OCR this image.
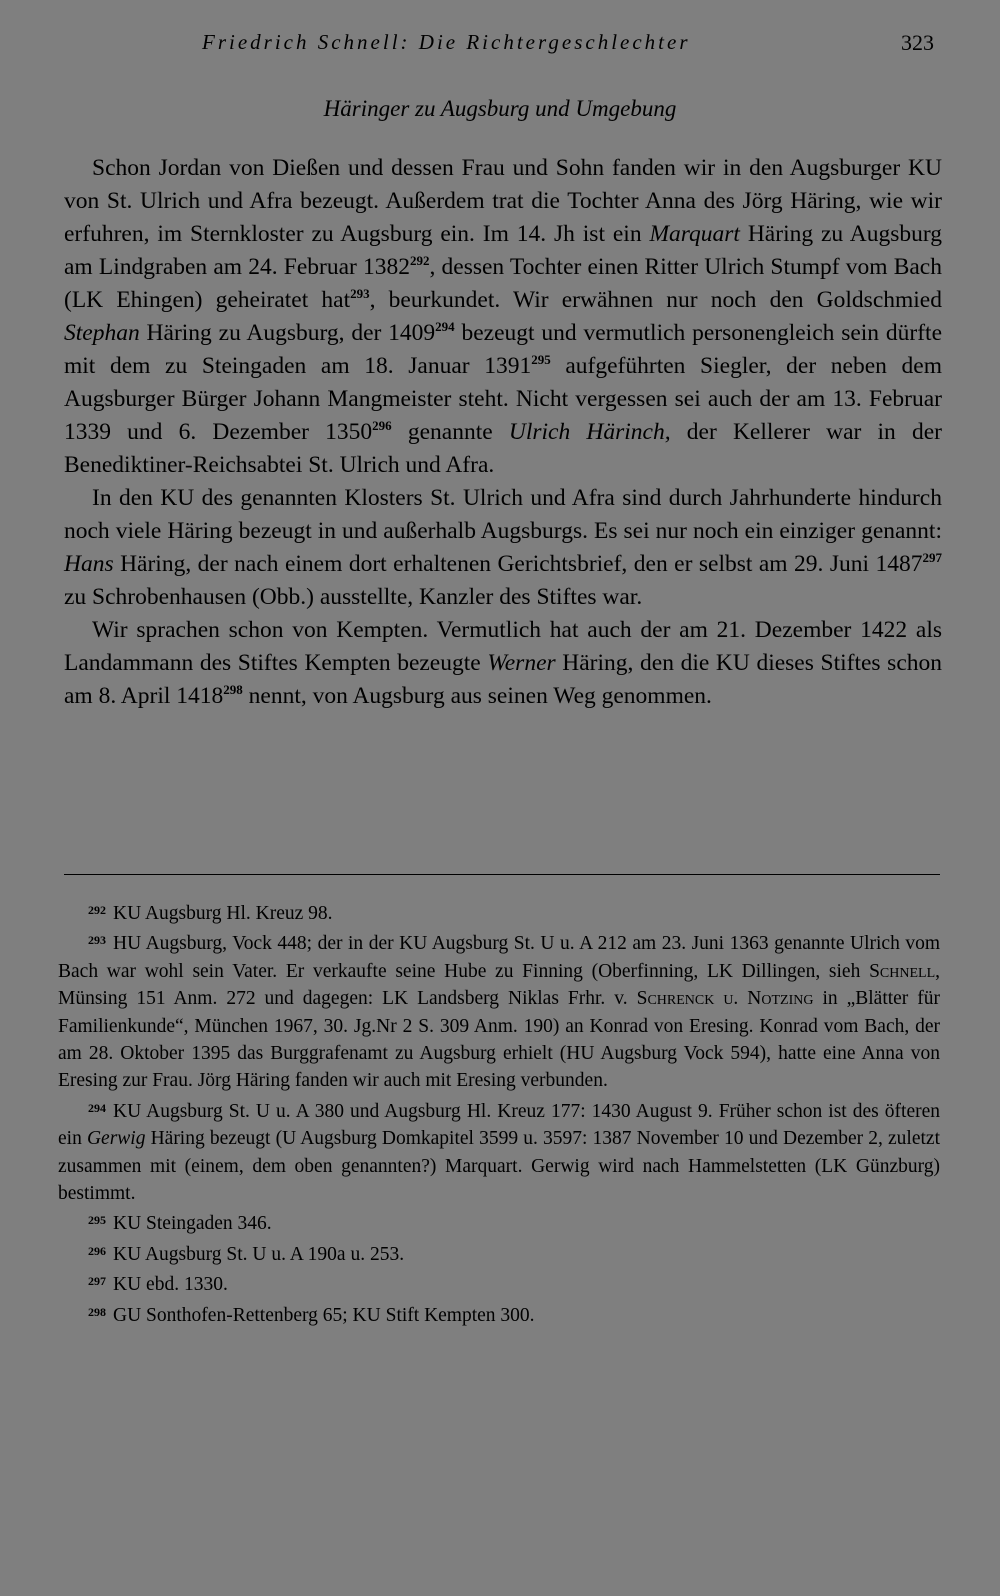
Friedrich Schnell: Die Richtergeschlechter	323
Häringer zu Augsburg und Umgebung

Schon Jordan von Dießen und dessen Frau und Sohn fanden wir in den Augsburger KU von St. Ulrich und Afra bezeugt. Außerdem trat die Tochter Anna des Jörg Häring, wie wir erfuhren, im Sternkloster zu Augsburg ein. Im 14. Jh ist ein Marquart Häring zu Augsburg am Lindgraben am 24. Februar 1382$^{292}$, dessen Tochter einen Ritter Ulrich Stumpf vom Bach (LK Ehingen) geheiratet hat$^{293}$, beurkundet. Wir erwähnen nur noch den Goldschmied Stephan Häring zu Augsburg, der 1409$^{294}$ bezeugt und vermutlich personengleich sein dürfte mit dem zu Steingaden am 18. Januar 1391$^{295}$ aufgeführten Siegler, der neben dem Augsburger Bürger Johann Mangmeister steht. Nicht vergessen sei auch der am 13. Februar 1339 und 6. Dezember 1350$^{296}$ genannte Ulrich Härinch, der Kellerer war in der Benediktiner-Reichsabtei St. Ulrich und Afra.

In den KU des genannten Klosters St. Ulrich und Afra sind durch Jahrhunderte hindurch noch viele Häring bezeugt in und außerhalb Augsburgs. Es sei nur noch ein einziger genannt: Hans Häring, der nach einem dort erhaltenen Gerichtsbrief, den er selbst am 29. Juni 1487$^{297}$ zu Schrobenhausen (Obb.) ausstellte, Kanzler des Stiftes war.

Wir sprachen schon von Kempten. Vermutlich hat auch der am 21. Dezember 1422 als Landammann des Stiftes Kempten bezeugte Werner Häring, den die KU dieses Stiftes schon am 8. April 1418$^{298}$ nennt, von Augsburg aus seinen Weg genommen.

$^{292}$ KU Augsburg Hl. Kreuz 98.

$^{293}$ HU Augsburg, Vock 448; der in der KU Augsburg St. U u. A 212 am 23. Juni 1363 genannte Ulrich vom Bach war wohl sein Vater. Er verkaufte seine Hube zu Finning (Oberfinning, LK Dillingen, sieh Schnell, Münsing 151 Anm. 272 und dagegen: LK Landsberg Niklas Frhr. v. Schrenck u. Notzing in „Blätter für Familienkunde“, München 1967, 30. Jg.Nr 2 S. 309 Anm. 190) an Konrad von Eresing. Konrad vom Bach, der am 28. Oktober 1395 das Burggrafenamt zu Augsburg erhielt (HU Augsburg Vock 594), hatte eine Anna von Eresing zur Frau. Jörg Häring fanden wir auch mit Eresing verbunden.

$^{294}$ KU Augsburg St. U u. A 380 und Augsburg Hl. Kreuz 177: 1430 August 9. Früher schon ist des öfteren ein Gerwig Häring bezeugt (U Augsburg Domkapitel 3599 u. 3597: 1387 November 10 und Dezember 2, zuletzt zusammen mit (einem, dem oben genannten?) Marquart. Gerwig wird nach Hammelstetten (LK Günzburg) bestimmt.

$^{295}$ KU Steingaden 346.

$^{296}$ KU Augsburg St. U u. A 190a u. 253.

$^{297}$ KU ebd. 1330.

$^{298}$ GU Sonthofen-Rettenberg 65; KU Stift Kempten 300.
